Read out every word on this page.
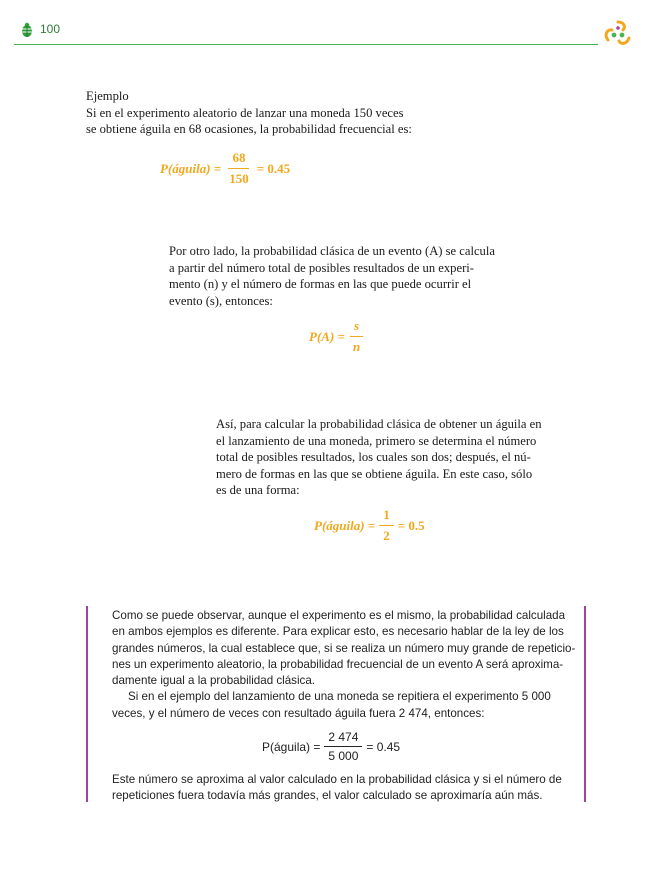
100
Ejemplo
Si en el experimento aleatorio de lanzar una moneda 150 veces
se obtiene águila en 68 ocasiones, la probabilidad frecuencial es:
P(águila) = $\frac{68}{150} = 0.45$
Por otro lado, la probabilidad clásica de un evento (A) se calcula
a partir del número total de posibles resultados de un experi-
mento (n) y el número de formas en las que puede ocurrir el
evento (s), entonces:
$P(A) = \frac{s}{n}$
Así, para calcular la probabilidad clásica de obtener un águila en
el lanzamiento de una moneda, primero se determina el número
total de posibles resultados, los cuales son dos; después, el nú-
mero de formas en las que se obtiene águila. En este caso, sólo
es de una forma:
P(águila) = $\frac{1}{2} = 0.5$
Como se puede observar, aunque el experimento es el mismo, la probabilidad calculada
en ambos ejemplos es diferente. Para explicar esto, es necesario hablar de la ley de los
grandes números, la cual establece que, si se realiza un número muy grande de repeticio-
nes un experimento aleatorio, la probabilidad frecuencial de un evento A será aproxima-
damente igual a la probabilidad clásica.
Si en el ejemplo del lanzamiento de una moneda se repitiera el experimento 5 000
veces, y el número de veces con resultado águila fuera 2 474, entonces:
P(águila) = $\frac{2 474}{5 000} = 0.45$
Este número se aproxima al valor calculado en la probabilidad clásica y si el número de
repeticiones fuera todavía más grandes, el valor calculado se aproximaría aún más.
